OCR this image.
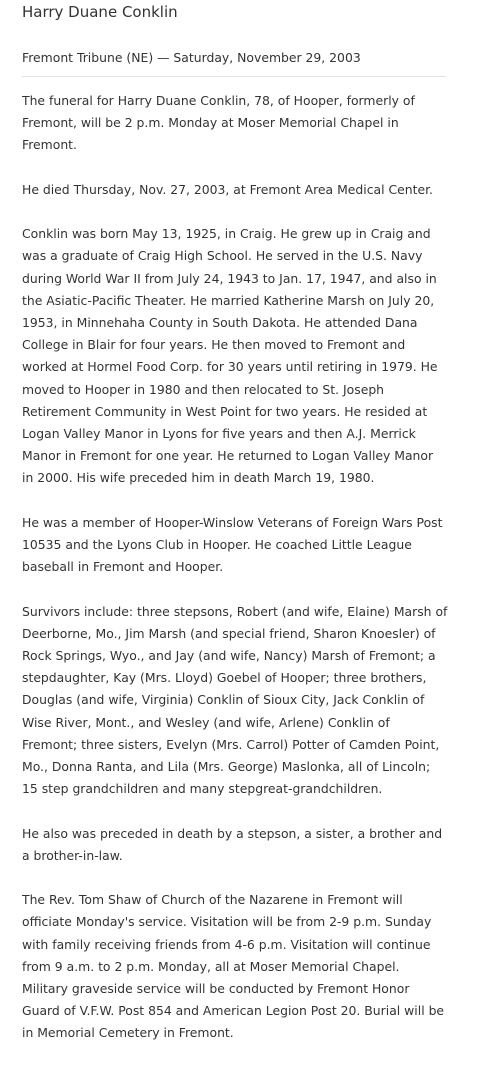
Harry Duane Conklin
Fremont Tribune (NE) — Saturday, November 29, 2003

The funeral for Harry Duane Conklin, 78, of Hooper, formerly of Fremont, will be 2 p.m. Monday at Moser Memorial Chapel in Fremont.

He died Thursday, Nov. 27, 2003, at Fremont Area Medical Center.

Conklin was born May 13, 1925, in Craig. He grew up in Craig and was a graduate of Craig High School. He served in the U.S. Navy during World War II from July 24, 1943 to Jan. 17, 1947, and also in the Asiatic-Pacific Theater. He married Katherine Marsh on July 20, 1953, in Minnehaha County in South Dakota. He attended Dana College in Blair for four years. He then moved to Fremont and worked at Hormel Food Corp. for 30 years until retiring in 1979. He moved to Hooper in 1980 and then relocated to St. Joseph Retirement Community in West Point for two years. He resided at Logan Valley Manor in Lyons for five years and then A.J. Merrick Manor in Fremont for one year. He returned to Logan Valley Manor in 2000. His wife preceded him in death March 19, 1980.

He was a member of Hooper-Winslow Veterans of Foreign Wars Post 10535 and the Lyons Club in Hooper. He coached Little League baseball in Fremont and Hooper.

Survivors include: three stepsons, Robert (and wife, Elaine) Marsh of Deerborne, Mo., Jim Marsh (and special friend, Sharon Knoesler) of Rock Springs, Wyo., and Jay (and wife, Nancy) Marsh of Fremont; a stepdaughter, Kay (Mrs. Lloyd) Goebel of Hooper; three brothers, Douglas (and wife, Virginia) Conklin of Sioux City, Jack Conklin of Wise River, Mont., and Wesley (and wife, Arlene) Conklin of Fremont; three sisters, Evelyn (Mrs. Carrol) Potter of Camden Point, Mo., Donna Ranta, and Lila (Mrs. George) Maslonka, all of Lincoln; 15 step grandchildren and many stepgreat-grandchildren.

He also was preceded in death by a stepson, a sister, a brother and a brother-in-law.

The Rev. Tom Shaw of Church of the Nazarene in Fremont will officiate Monday's service. Visitation will be from 2-9 p.m. Sunday with family receiving friends from 4-6 p.m. Visitation will continue from 9 a.m. to 2 p.m. Monday, all at Moser Memorial Chapel. Military graveside service will be conducted by Fremont Honor Guard of V.F.W. Post 854 and American Legion Post 20. Burial will be in Memorial Cemetery in Fremont.
